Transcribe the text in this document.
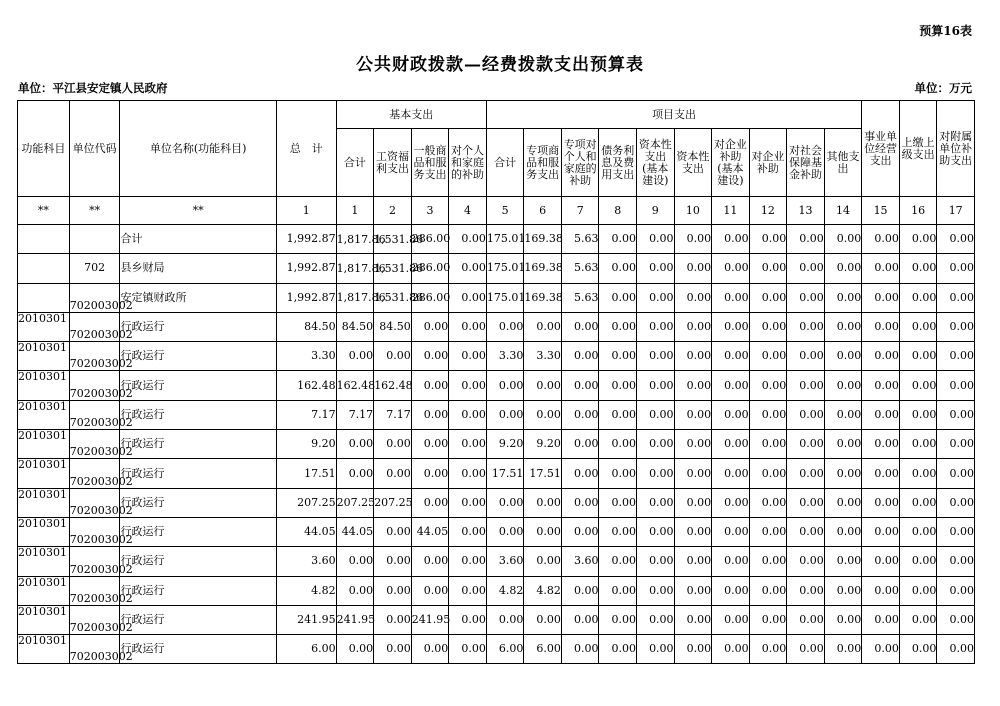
预算16表
公共财政拨款—经费拨款支出预算表
单位：平江县安定镇人民政府	单位：万元
功能科目	单位代码	单位名称(功能科目)	总　计	基本支出				项目支出										事业单位经营支出	上缴上级支出	对附属单位补助支出
				合计	工资福利支出	一般商品和服务支出	对个人和家庭的补助	合计	专项商品和服务支出	专项对个人和家庭的补助	债务利息及费用支出	资本性支出(基本建设)	资本性支出	对企业补助(基本建设)	对企业补助	对社会保障基金补助	其他支出			
**	**	**	1	1	2	3	4	5	6	7	8	9	10	11	12	13	14	15	16	17
		合计	1,992.87	1,817.86	1,531.86	286.00	0.00	175.01	169.38	5.63	0.00	0.00	0.00	0.00	0.00	0.00	0.00	0.00	0.00	0.00
	702	县乡财局	1,992.87	1,817.86	1,531.86	286.00	0.00	175.01	169.38	5.63	0.00	0.00	0.00	0.00	0.00	0.00	0.00	0.00	0.00	0.00
	702003002	安定镇财政所	1,992.87	1,817.86	1,531.86	286.00	0.00	175.01	169.38	5.63	0.00	0.00	0.00	0.00	0.00	0.00	0.00	0.00	0.00	0.00
2010301	702003002	行政运行	84.50	84.50	84.50	0.00	0.00	0.00	0.00	0.00	0.00	0.00	0.00	0.00	0.00	0.00	0.00	0.00	0.00	0.00
2010301	702003002	行政运行	3.30	0.00	0.00	0.00	0.00	3.30	3.30	0.00	0.00	0.00	0.00	0.00	0.00	0.00	0.00	0.00	0.00	0.00
2010301	702003002	行政运行	162.48	162.48	162.48	0.00	0.00	0.00	0.00	0.00	0.00	0.00	0.00	0.00	0.00	0.00	0.00	0.00	0.00	0.00
2010301	702003002	行政运行	7.17	7.17	7.17	0.00	0.00	0.00	0.00	0.00	0.00	0.00	0.00	0.00	0.00	0.00	0.00	0.00	0.00	0.00
2010301	702003002	行政运行	9.20	0.00	0.00	0.00	0.00	9.20	9.20	0.00	0.00	0.00	0.00	0.00	0.00	0.00	0.00	0.00	0.00	0.00
2010301	702003002	行政运行	17.51	0.00	0.00	0.00	0.00	17.51	17.51	0.00	0.00	0.00	0.00	0.00	0.00	0.00	0.00	0.00	0.00	0.00
2010301	702003002	行政运行	207.25	207.25	207.25	0.00	0.00	0.00	0.00	0.00	0.00	0.00	0.00	0.00	0.00	0.00	0.00	0.00	0.00	0.00
2010301	702003002	行政运行	44.05	44.05	0.00	44.05	0.00	0.00	0.00	0.00	0.00	0.00	0.00	0.00	0.00	0.00	0.00	0.00	0.00	0.00
2010301	702003002	行政运行	3.60	0.00	0.00	0.00	0.00	3.60	0.00	3.60	0.00	0.00	0.00	0.00	0.00	0.00	0.00	0.00	0.00	0.00
2010301	702003002	行政运行	4.82	0.00	0.00	0.00	0.00	4.82	4.82	0.00	0.00	0.00	0.00	0.00	0.00	0.00	0.00	0.00	0.00	0.00
2010301	702003002	行政运行	241.95	241.95	0.00	241.95	0.00	0.00	0.00	0.00	0.00	0.00	0.00	0.00	0.00	0.00	0.00	0.00	0.00	0.00
2010301	702003002	行政运行	6.00	0.00	0.00	0.00	0.00	6.00	6.00	0.00	0.00	0.00	0.00	0.00	0.00	0.00	0.00	0.00	0.00	0.00
